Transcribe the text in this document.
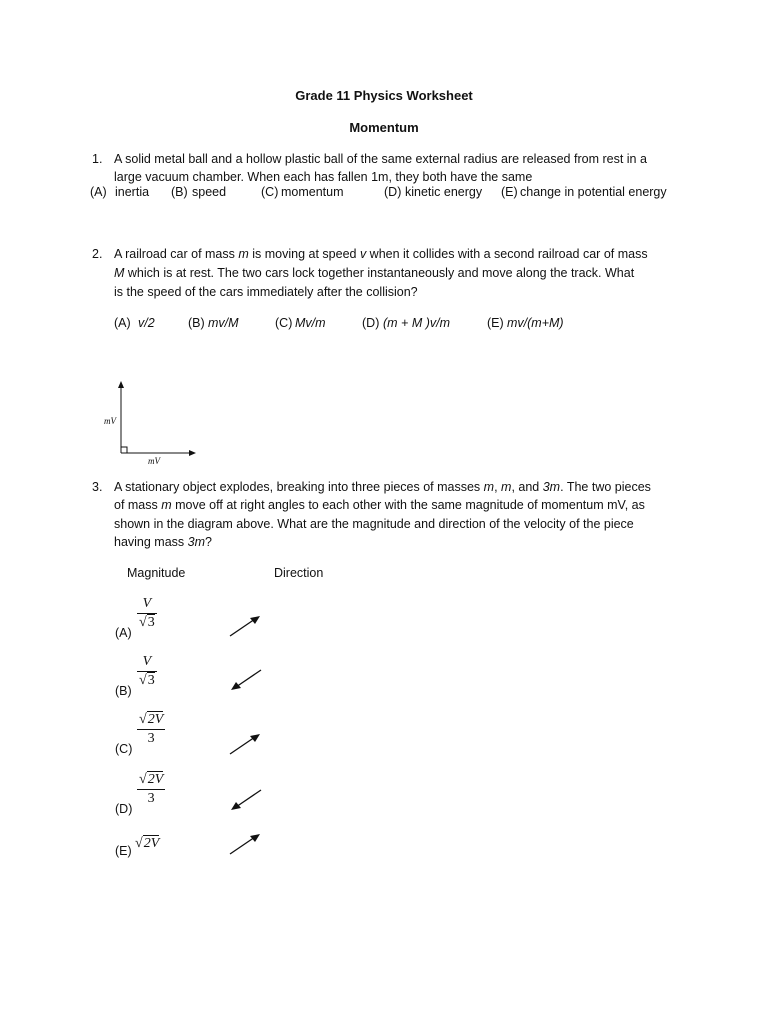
Grade 11 Physics Worksheet
Momentum
1. A solid metal ball and a hollow plastic ball of the same external radius are released from rest in a
large vacuum chamber. When each has fallen 1m, they both have the same
(A) inertia (B) speed	(C) momentum	(D) kinetic energy (E) change in potential energy
2. A railroad car of mass m is moving at speed v when it collides with a second railroad car of mass
M which is at rest. The two cars lock together instantaneously and move along the track. What
is the speed of the cars immediately after the collision?
(A) v/2	(B) mv/M	(C) Mv/m	(D) (m + M )v/m	(E) mv/(m+M)
mV
mV
3. A stationary object explodes, breaking into three pieces of masses m, m, and 3m. The two pieces
of mass m move off at right angles to each other with the same magnitude of momentum mV, as
shown in the diagram above. What are the magnitude and direction of the velocity of the piece
having mass 3m?
Magnitude	Direction
(A)
V
√3
(B)
V
√3
(C)
√2V
3
(D)
√2V
3
(E) √2V
